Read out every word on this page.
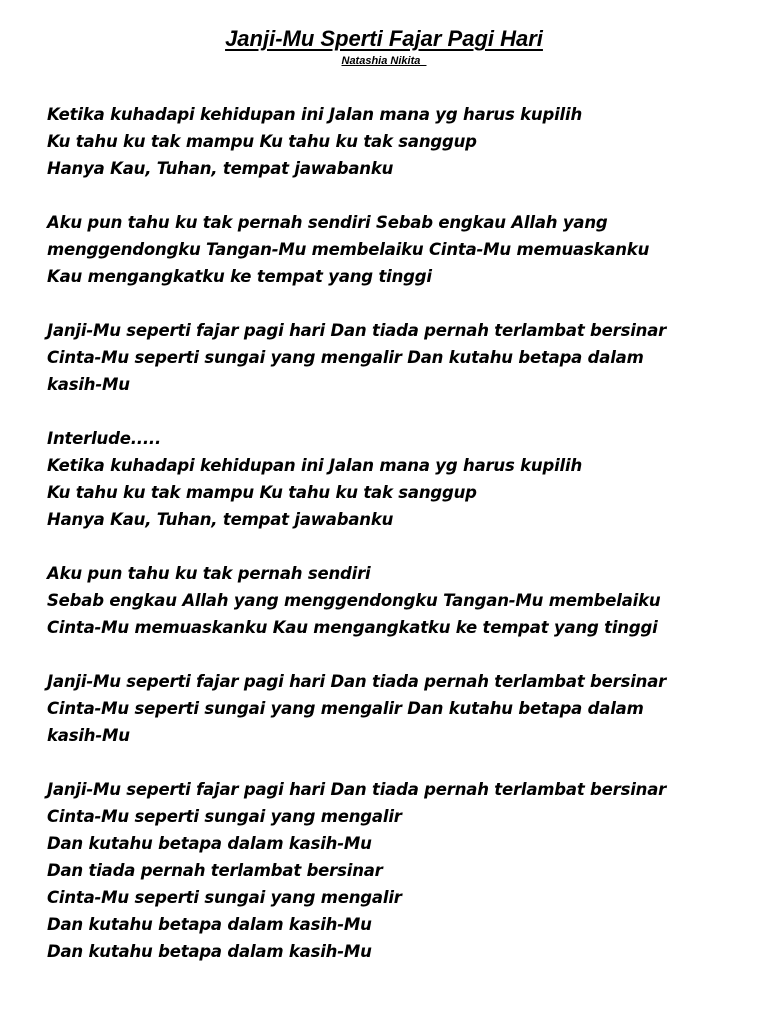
Janji-Mu Sperti Fajar Pagi Hari
Natashia Nikita
Ketika kuhadapi kehidupan ini Jalan mana yg harus kupilih
Ku tahu ku tak mampu Ku tahu ku tak sanggup
Hanya Kau, Tuhan, tempat jawabanku
Aku pun tahu ku tak pernah sendiri Sebab engkau Allah yang
menggendongku Tangan-Mu membelaiku Cinta-Mu memuaskanku
Kau mengangkatku ke tempat yang tinggi
Janji-Mu seperti fajar pagi hari Dan tiada pernah terlambat bersinar
Cinta-Mu seperti sungai yang mengalir Dan kutahu betapa dalam
kasih-Mu
Interlude.....
Ketika kuhadapi kehidupan ini Jalan mana yg harus kupilih
Ku tahu ku tak mampu Ku tahu ku tak sanggup
Hanya Kau, Tuhan, tempat jawabanku
Aku pun tahu ku tak pernah sendiri
Sebab engkau Allah yang menggendongku Tangan-Mu membelaiku
Cinta-Mu memuaskanku Kau mengangkatku ke tempat yang tinggi
Janji-Mu seperti fajar pagi hari Dan tiada pernah terlambat bersinar
Cinta-Mu seperti sungai yang mengalir Dan kutahu betapa dalam
kasih-Mu
Janji-Mu seperti fajar pagi hari Dan tiada pernah terlambat bersinar
Cinta-Mu seperti sungai yang mengalir
Dan kutahu betapa dalam kasih-Mu
Dan tiada pernah terlambat bersinar
Cinta-Mu seperti sungai yang mengalir
Dan kutahu betapa dalam kasih-Mu
Dan kutahu betapa dalam kasih-Mu
